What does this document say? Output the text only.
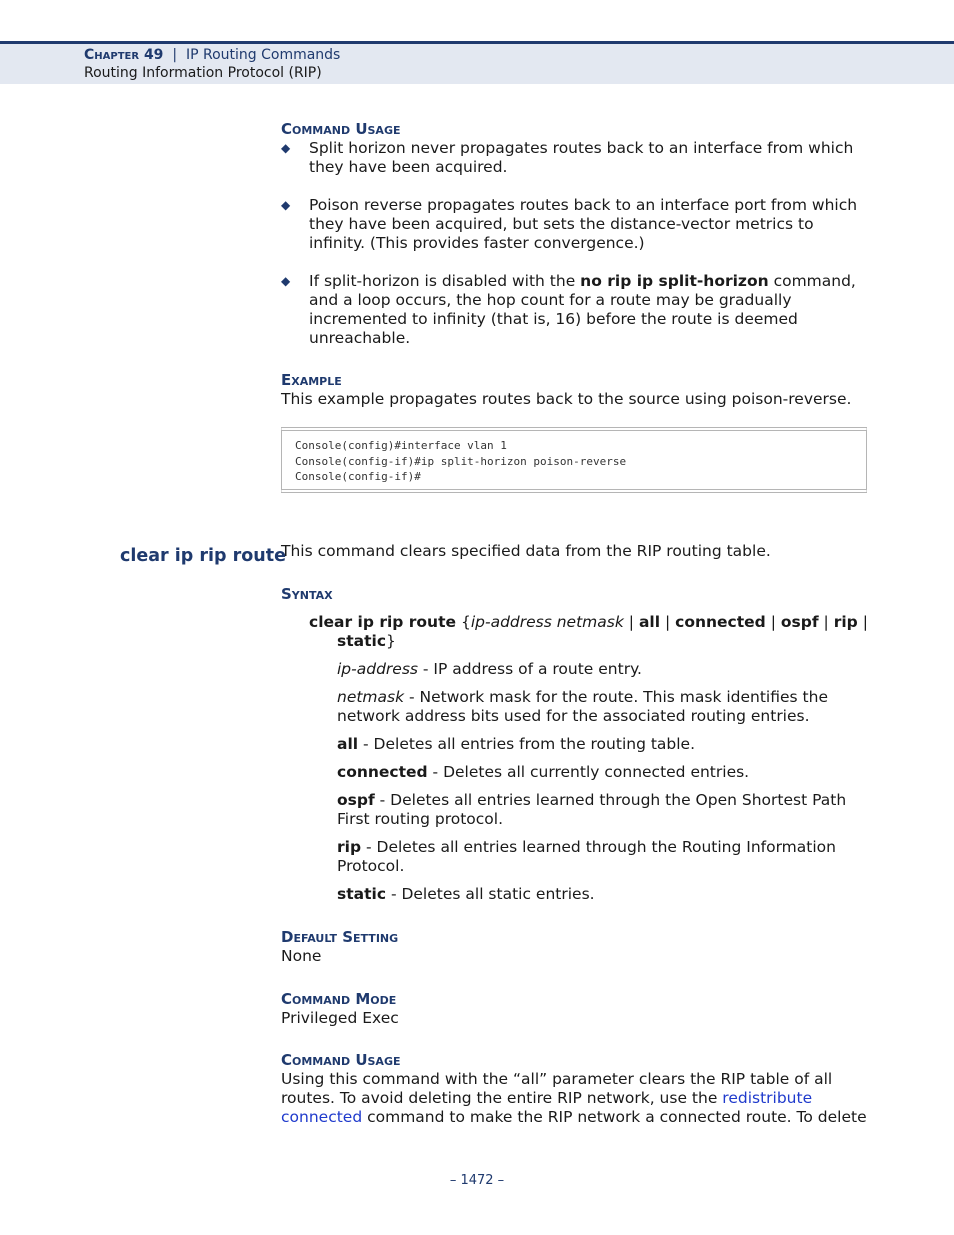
Chapter 49 | IP Routing Commands
Routing Information Protocol (RIP)
clear ip rip route
Command Usage
◆ Split horizon never propagates routes back to an interface from which they have been acquired.
◆ Poison reverse propagates routes back to an interface port from which they have been acquired, but sets the distance-vector metrics to infinity. (This provides faster convergence.)
◆ If split-horizon is disabled with the no rip ip split-horizon command, and a loop occurs, the hop count for a route may be gradually incremented to infinity (that is, 16) before the route is deemed unreachable.
Example

This example propagates routes back to the source using poison-reverse.

Console(config)#interface vlan 1
Console(config-if)#ip split-horizon poison-reverse
Console(config-if)#

This command clears specified data from the RIP routing table.

Syntax
clear ip rip route {ip-address netmask | all | connected | ospf | rip | static}
ip-address - IP address of a route entry.
netmask - Network mask for the route. This mask identifies the network address bits used for the associated routing entries.
all - Deletes all entries from the routing table.
connected - Deletes all currently connected entries.
ospf - Deletes all entries learned through the Open Shortest Path First routing protocol.
rip - Deletes all entries learned through the Routing Information Protocol.
static - Deletes all static entries.
Default Setting

None

Command Mode

Privileged Exec

Command Usage

Using this command with the “all” parameter clears the RIP table of all routes. To avoid deleting the entire RIP network, use the redistribute connected command to make the RIP network a connected route. To delete

– 1472 –
